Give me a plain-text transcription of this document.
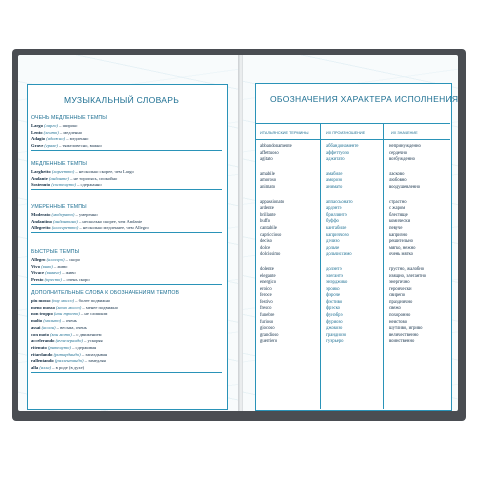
МУЗЫКАЛЬНЫЙ СЛОВАРЬ
ОЧЕНЬ МЕДЛЕННЫЕ ТЕМПЫ
Largo (ларго) – широко
Lento (ленто) – медленно
Adagio (адажио) – медленно
Grave (граве) – тяжеловесно, важно
МЕДЛЕННЫЕ ТЕМПЫ
Larghetto (ларгетто) – несколько скорее, чем Largo
Andante (анданте) – не торопясь, спокойно
Sostenuto (состенуто) – сдержанно
УМЕРЕННЫЕ ТЕМПЫ
Moderato (модерато) – умеренно
Andantino (андантино) – несколько скорее, чем Andante
Allegretto (аллегретто) – несколько медленнее, чем Allegro
БЫСТРЫЕ ТЕМПЫ
Allegro (аллегро) – скоро
Vivo (виво) – живо
Vivace (виваче) – живо
Presto (престо) – очень скоро
ДОПОЛНИТЕЛЬНЫЕ СЛОВА К ОБОЗНАЧЕНИЯМ ТЕМПОВ
piu mosso (пиу моссо) – более подвижно
meno mosso (мено моссо) – менее подвижно
non troppo (нон троппо) – не слишком
molto (мольто) – очень
assai (ассаи) – весьма, очень
con moto (кон мото) – с движением
accelerando (аччелерандо) – ускоряя
ritenuto (ритенуто) – сдерживая
ritardando (ритардандо) – запаздывая
rallentando (раллентандо) – замедляя
alla (алла) – в роде (в духе)
ОБОЗНАЧЕНИЯ ХАРАКТЕРА ИСПОЛНЕНИЯ
ИТАЛЬЯНСКИЕ ТЕРМИНЫ	ИХ ПРОИЗНОШЕНИЕ	ИХ ЗНАЧЕНИЕ
abbandonamente
affettuoso
agitato
amabile
amoroso
animato
appassionato
ardente
brillante
buffo
cantabile
capriccioso
deciso
dolce
dolcissimo
dolente
elegante
energico
eroico
feroce
festivo
fresco
funebre
furioso
giocoso
grandioso
guerriero
аббандонаменте
аффеттуозо
аджитато
амабиле
аморозо
анимато
аппассьонато
ардэнтэ
бриллянтэ
буффо
кантабиле
каприччозо
дэчизо
дольче
дольчиссимо
долэнтэ
элегантэ
энэрджико
эроико
фэроче
фэстиво
фрэско
фунэбрэ
фуриозо
джокозо
грандиозо
гуэрьеро
непринужденно
сердечно
возбужденно
ласково
любовно
воодушевленно
страстно
с жаром
блестяще
комически
певуче
капризно
решительно
мягко, нежно
очень мягко
грустно, жалобно
изящно, элегантно
энергично
героически
свирепо
празднично
свежо
похоронно
неистово
шутливо, игриво
величественно
воинственно
